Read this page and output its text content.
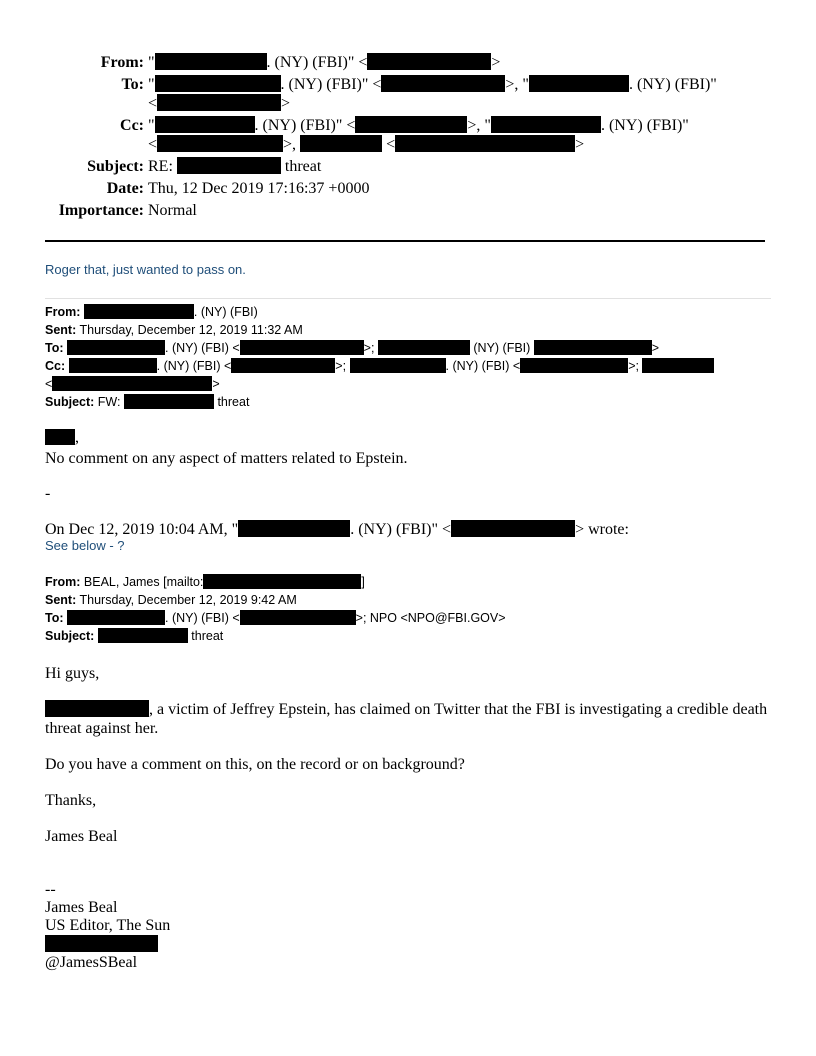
From: "	. (NY) (FBI)" <	>
To: "	. (NY) (FBI)" <	>, "	. (NY) (FBI)"
<	>
Cc: "	. (NY) (FBI)" <	>, "	. (NY) (FBI)"
<	>,	<	>
Subject: RE:	threat
Date: Thu, 12 Dec 2019 17:16:37 +0000
Importance: Normal
Roger that, just wanted to pass on.
From:	. (NY) (FBI)
Sent: Thursday, December 12, 2019 11:32 AM
To:	. (NY) (FBI) <	>;	(NY) (FBI)	>
Cc:	. (NY) (FBI) <	>;	. (NY) (FBI) <	>;
<	>
Subject: FW:	threat
,
No comment on any aspect of matters related to Epstein.
-
On Dec 12, 2019 10:04 AM, "	. (NY) (FBI)" <	> wrote:
See below - ?
From: BEAL, James [mailto:	]
Sent: Thursday, December 12, 2019 9:42 AM
To:	. (NY) (FBI) <	>; NPO <NPO@FBI.GOV>
Subject:	threat
Hi guys,
, a victim of Jeffrey Epstein, has claimed on Twitter that the FBI is investigating a credible death
threat against her.
Do you have a comment on this, on the record or on background?
Thanks,
James Beal
--
James Beal
US Editor, The Sun
@JamesSBeal
